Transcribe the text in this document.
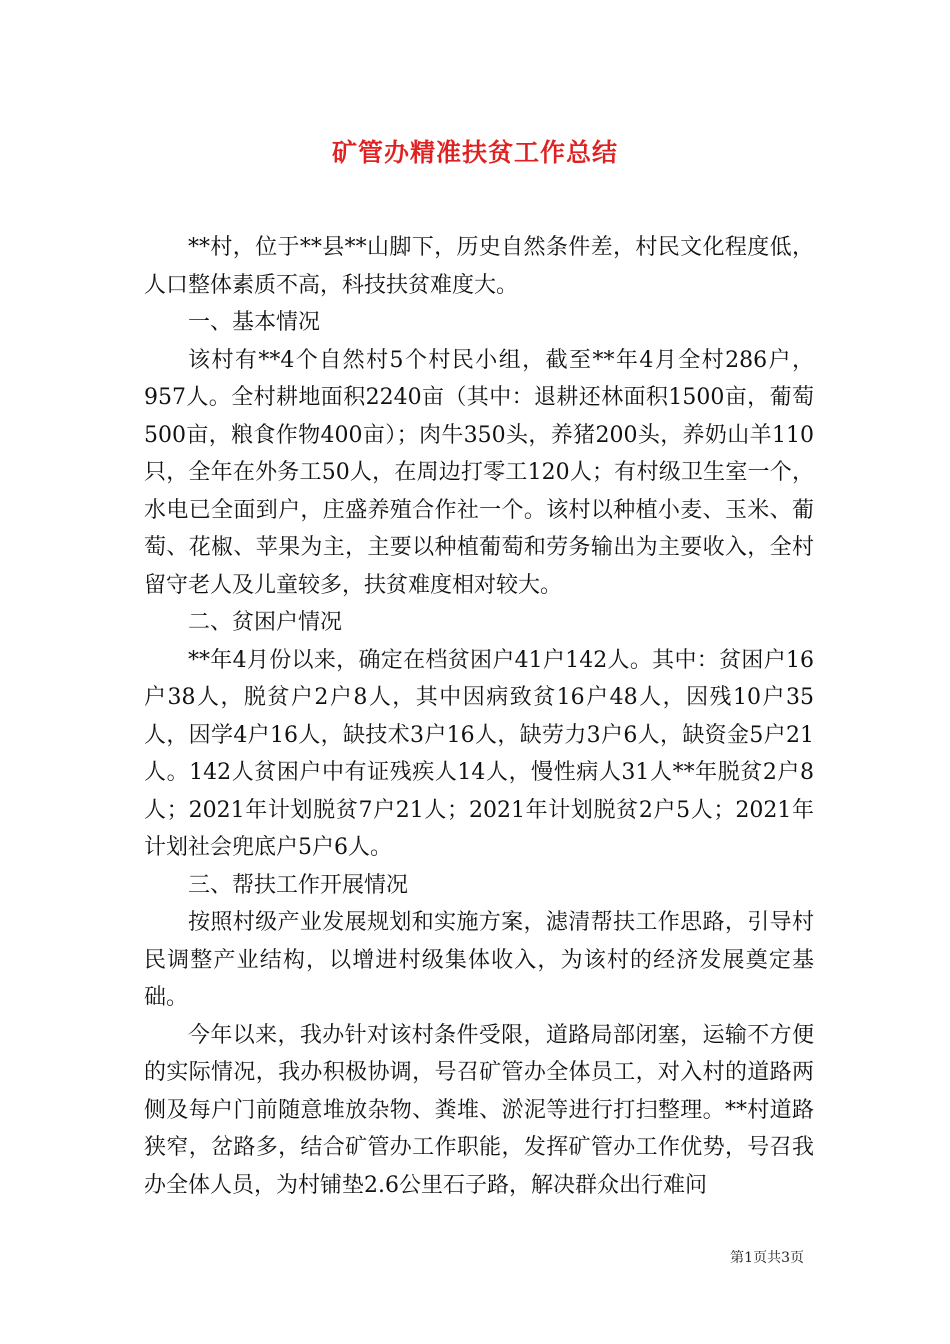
矿管办精准扶贫工作总结

**村，位于**县**山脚下，历史自然条件差，村民文化程度低，人口整体素质不高，科技扶贫难度大。

一、基本情况

该村有**4个自然村5个村民小组，截至**年4月全村286户，957人。全村耕地面积2240亩（其中：退耕还林面积1500亩，葡萄500亩，粮食作物400亩）；肉牛350头，养猪200头，养奶山羊110只，全年在外务工50人，在周边打零工120人；有村级卫生室一个，水电已全面到户，庄盛养殖合作社一个。该村以种植小麦、玉米、葡萄、花椒、苹果为主，主要以种植葡萄和劳务输出为主要收入，全村留守老人及儿童较多，扶贫难度相对较大。

二、贫困户情况

**年4月份以来，确定在档贫困户41户142人。其中：贫困户16户38人，脱贫户2户8人，其中因病致贫16户48人，因残10户35人，因学4户16人，缺技术3户16人，缺劳力3户6人，缺资金5户21人。142人贫困户中有证残疾人14人，慢性病人31人**年脱贫2户8人；2021年计划脱贫7户21人；2021年计划脱贫2户5人；2021年计划社会兜底户5户6人。

三、帮扶工作开展情况

按照村级产业发展规划和实施方案，滤清帮扶工作思路，引导村民调整产业结构，以增进村级集体收入，为该村的经济发展奠定基础。

今年以来，我办针对该村条件受限，道路局部闭塞，运输不方便的实际情况，我办积极协调，号召矿管办全体员工，对入村的道路两侧及每户门前随意堆放杂物、粪堆、淤泥等进行打扫整理。**村道路狭窄，岔路多，结合矿管办工作职能，发挥矿管办工作优势，号召我办全体人员，为村铺垫2.6公里石子路，解决群众出行难问

第1页共3页
